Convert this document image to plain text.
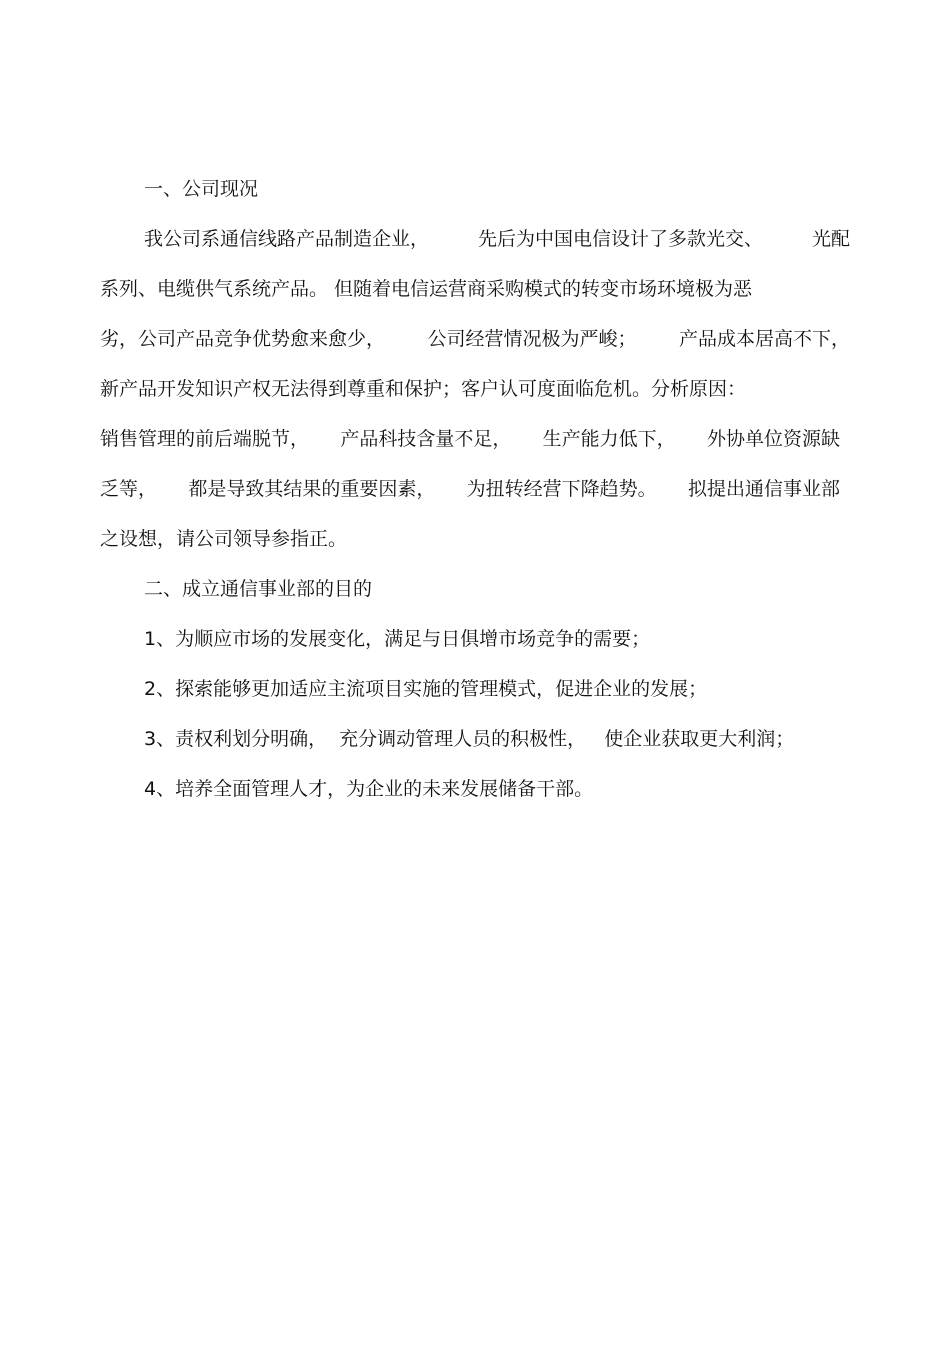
一、公司现况
我公司系通信线路产品制造企业，	先后为中国电信设计了多款光交、	光配
系列、电缆供气系统产品。 但随着电信运营商采购模式的转变市场环境极为恶
劣，公司产品竞争优势愈来愈少， 公司经营情况极为严峻； 产品成本居高不下，
新产品开发知识产权无法得到尊重和保护；客户认可度面临危机。分析原因：
销售管理的前后端脱节， 产品科技含量不足， 生产能力低下， 外协单位资源缺
乏等， 都是导致其结果的重要因素， 为扭转经营下降趋势。 拟提出通信事业部
之设想，请公司领导参指正。
二、成立通信事业部的目的
1、为顺应市场的发展变化，满足与日俱增市场竞争的需要；
2、探索能够更加适应主流项目实施的管理模式，促进企业的发展；
3、责权利划分明确，  充分调动管理人员的积极性，   使企业获取更大利润；
4、培养全面管理人才，为企业的未来发展储备干部。
